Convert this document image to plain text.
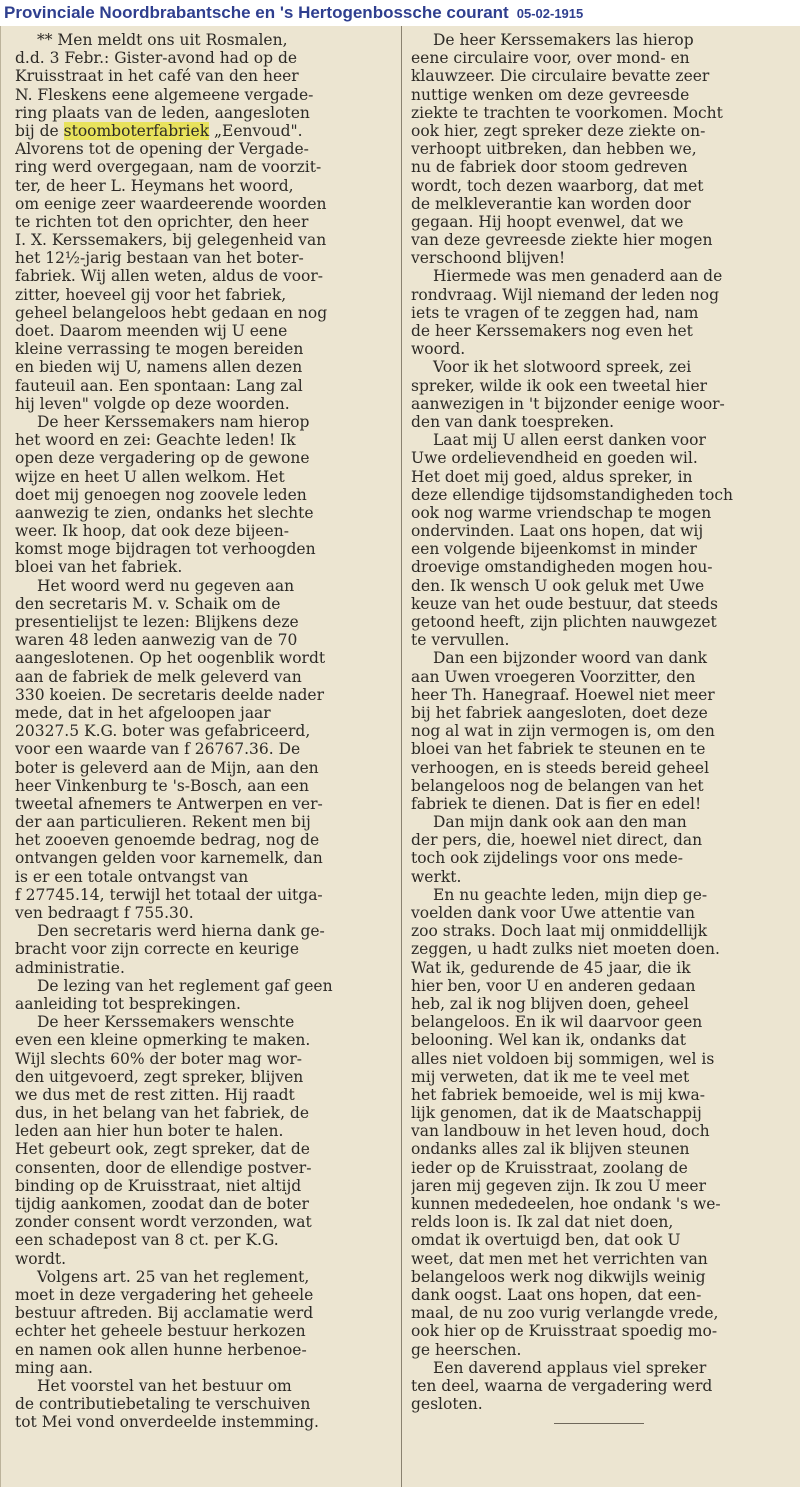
Provinciale Noordbrabantsche en 's Hertogenbossche courant 05-02-1915
** Men meldt ons uit Rosmalen,
d.d. 3 Febr.: Gister-avond had op de
Kruisstraat in het café van den heer
N. Fleskens eene algemeene vergade-
ring plaats van de leden, aangesloten
bij de stoomboterfabriek „Eenvoud".
Alvorens tot de opening der Vergade-
ring werd overgegaan, nam de voorzit-
ter, de heer L. Heymans het woord,
om eenige zeer waardeerende woorden
te richten tot den oprichter, den heer
I. X. Kerssemakers, bij gelegenheid van
het 12½-jarig bestaan van het boter-
fabriek. Wij allen weten, aldus de voor-
zitter, hoeveel gij voor het fabriek,
geheel belangeloos hebt gedaan en nog
doet. Daarom meenden wij U eene
kleine verrassing te mogen bereiden
en bieden wij U, namens allen dezen
fauteuil aan. Een spontaan: Lang zal
hij leven" volgde op deze woorden.
De heer Kerssemakers nam hierop
het woord en zei: Geachte leden! Ik
open deze vergadering op de gewone
wijze en heet U allen welkom. Het
doet mij genoegen nog zoovele leden
aanwezig te zien, ondanks het slechte
weer. Ik hoop, dat ook deze bijeen-
komst moge bijdragen tot verhoogden
bloei van het fabriek.
Het woord werd nu gegeven aan
den secretaris M. v. Schaik om de
presentielijst te lezen: Blijkens deze
waren 48 leden aanwezig van de 70
aangeslotenen. Op het oogenblik wordt
aan de fabriek de melk geleverd van
330 koeien. De secretaris deelde nader
mede, dat in het afgeloopen jaar
20327.5 K.G. boter was gefabriceerd,
voor een waarde van f 26767.36. De
boter is geleverd aan de Mijn, aan den
heer Vinkenburg te 's-Bosch, aan een
tweetal afnemers te Antwerpen en ver-
der aan particulieren. Rekent men bij
het zooeven genoemde bedrag, nog de
ontvangen gelden voor karnemelk, dan
is er een totale ontvangst van
f 27745.14, terwijl het totaal der uitga-
ven bedraagt f 755.30.
Den secretaris werd hierna dank ge-
bracht voor zijn correcte en keurige
administratie.
De lezing van het reglement gaf geen
aanleiding tot besprekingen.
De heer Kerssemakers wenschte
even een kleine opmerking te maken.
Wijl slechts 60% der boter mag wor-
den uitgevoerd, zegt spreker, blijven
we dus met de rest zitten. Hij raadt
dus, in het belang van het fabriek, de
leden aan hier hun boter te halen.
Het gebeurt ook, zegt spreker, dat de
consenten, door de ellendige postver-
binding op de Kruisstraat, niet altijd
tijdig aankomen, zoodat dan de boter
zonder consent wordt verzonden, wat
een schadepost van 8 ct. per K.G.
wordt.
Volgens art. 25 van het reglement,
moet in deze vergadering het geheele
bestuur aftreden. Bij acclamatie werd
echter het geheele bestuur herkozen
en namen ook allen hunne herbenoe-
ming aan.
Het voorstel van het bestuur om
de contributiebetaling te verschuiven
tot Mei vond onverdeelde instemming.
De heer Kerssemakers las hierop
eene circulaire voor, over mond- en
klauwzeer. Die circulaire bevatte zeer
nuttige wenken om deze gevreesde
ziekte te trachten te voorkomen. Mocht
ook hier, zegt spreker deze ziekte on-
verhoopt uitbreken, dan hebben we,
nu de fabriek door stoom gedreven
wordt, toch dezen waarborg, dat met
de melkleverantie kan worden door
gegaan. Hij hoopt evenwel, dat we
van deze gevreesde ziekte hier mogen
verschoond blijven!
Hiermede was men genaderd aan de
rondvraag. Wijl niemand der leden nog
iets te vragen of te zeggen had, nam
de heer Kerssemakers nog even het
woord.
Voor ik het slotwoord spreek, zei
spreker, wilde ik ook een tweetal hier
aanwezigen in 't bijzonder eenige woor-
den van dank toespreken.
Laat mij U allen eerst danken voor
Uwe ordelievendheid en goeden wil.
Het doet mij goed, aldus spreker, in
deze ellendige tijdsomstandigheden toch
ook nog warme vriendschap te mogen
ondervinden. Laat ons hopen, dat wij
een volgende bijeenkomst in minder
droevige omstandigheden mogen hou-
den. Ik wensch U ook geluk met Uwe
keuze van het oude bestuur, dat steeds
getoond heeft, zijn plichten nauwgezet
te vervullen.
Dan een bijzonder woord van dank
aan Uwen vroegeren Voorzitter, den
heer Th. Hanegraaf. Hoewel niet meer
bij het fabriek aangesloten, doet deze
nog al wat in zijn vermogen is, om den
bloei van het fabriek te steunen en te
verhoogen, en is steeds bereid geheel
belangeloos nog de belangen van het
fabriek te dienen. Dat is fier en edel!
Dan mijn dank ook aan den man
der pers, die, hoewel niet direct, dan
toch ook zijdelings voor ons mede-
werkt.
En nu geachte leden, mijn diep ge-
voelden dank voor Uwe attentie van
zoo straks. Doch laat mij onmiddellijk
zeggen, u hadt zulks niet moeten doen.
Wat ik, gedurende de 45 jaar, die ik
hier ben, voor U en anderen gedaan
heb, zal ik nog blijven doen, geheel
belangeloos. En ik wil daarvoor geen
belooning. Wel kan ik, ondanks dat
alles niet voldoen bij sommigen, wel is
mij verweten, dat ik me te veel met
het fabriek bemoeide, wel is mij kwa-
lijk genomen, dat ik de Maatschappij
van landbouw in het leven houd, doch
ondanks alles zal ik blijven steunen
ieder op de Kruisstraat, zoolang de
jaren mij gegeven zijn. Ik zou U meer
kunnen mededeelen, hoe ondank 's we-
relds loon is. Ik zal dat niet doen,
omdat ik overtuigd ben, dat ook U
weet, dat men met het verrichten van
belangeloos werk nog dikwijls weinig
dank oogst. Laat ons hopen, dat een-
maal, de nu zoo vurig verlangde vrede,
ook hier op de Kruisstraat spoedig mo-
ge heerschen.
Een daverend applaus viel spreker
ten deel, waarna de vergadering werd
gesloten.
